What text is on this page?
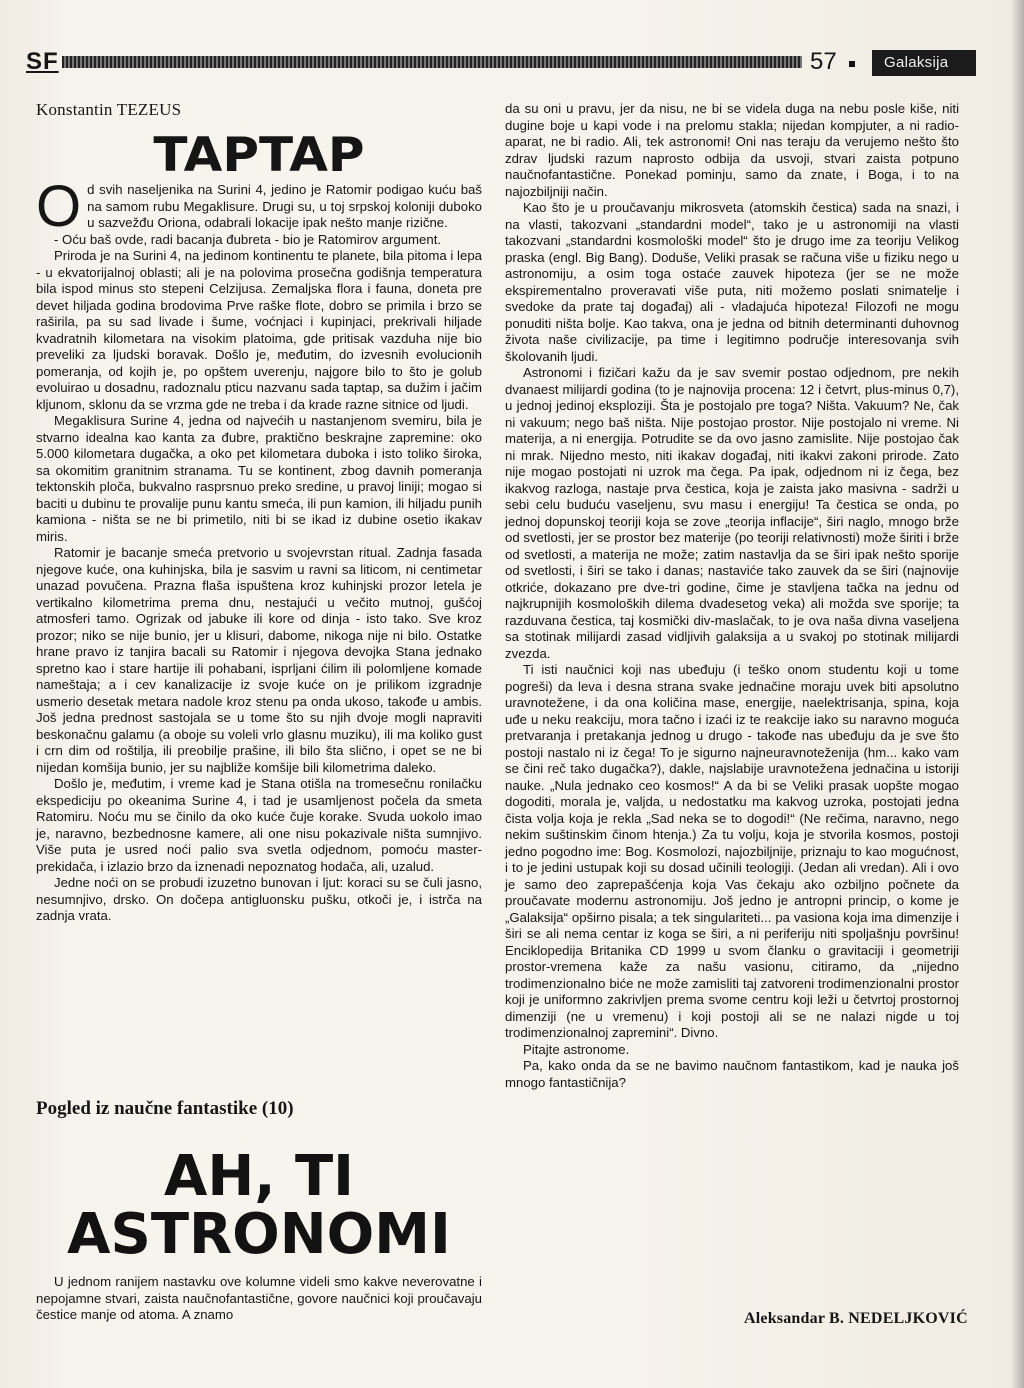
SF	57	Galaksija
Konstantin TEZEUS
TAPTAP

Od svih naseljenika na Surini 4, jedino je Ratomir podigao kuću baš na samom rubu Megaklisure. Drugi su, u toj srpskoj koloniji duboko u sazvežđu Oriona, odabrali lokacije ipak nešto manje rizične.

- Oću baš ovde, radi bacanja đubreta - bio je Ratomirov argument.

Priroda je na Surini 4, na jedinom kontinentu te planete, bila pitoma i lepa - u ekvatorijalnoj oblasti; ali je na polovima prosečna godišnja temperatura bila ispod minus sto stepeni Celzijusa. Zemaljska flora i fauna, doneta pre devet hiljada godina brodovima Prve raške flote, dobro se primila i brzo se raširila, pa su sad livade i šume, voćnjaci i kupinjaci, prekrivali hiljade kvadratnih kilometara na visokim platoima, gde pritisak vazduha nije bio preveliki za ljudski boravak. Došlo je, međutim, do izvesnih evolucionih pomeranja, od kojih je, po opštem uverenju, najgore bilo to što je golub evoluirao u dosadnu, radoznalu pticu nazvanu sada taptap, sa dužim i jačim kljunom, sklonu da se vrzma gde ne treba i da krade razne sitnice od ljudi.

Megaklisura Surine 4, jedna od najvećih u nastanjenom svemiru, bila je stvarno idealna kao kanta za đubre, praktično beskrajne zapremine: oko 5.000 kilometara dugačka, a oko pet kilometara duboka i isto toliko široka, sa okomitim granitnim stranama. Tu se kontinent, zbog davnih pomeranja tektonskih ploča, bukvalno rasprsnuo preko sredine, u pravoj liniji; mogao si baciti u dubinu te provalije punu kantu smeća, ili pun kamion, ili hiljadu punih kamiona - ništa se ne bi primetilo, niti bi se ikad iz dubine osetio ikakav miris.

Ratomir je bacanje smeća pretvorio u svojevrstan ritual. Zadnja fasada njegove kuće, ona kuhinjska, bila je sasvim u ravni sa liticom, ni centimetar unazad povučena. Prazna flaša ispuštena kroz kuhinjski prozor letela je vertikalno kilometrima prema dnu, nestajući u večito mutnoj, gušćoj atmosferi tamo. Ogrizak od jabuke ili kore od dinja - isto tako. Sve kroz prozor; niko se nije bunio, jer u klisuri, dabome, nikoga nije ni bilo. Ostatke hrane pravo iz tanjira bacali su Ratomir i njegova devojka Stana jednako spretno kao i stare hartije ili pohabani, isprljani ćilim ili polomljene komade nameštaja; a i cev kanalizacije iz svoje kuće on je prilikom izgradnje usmerio desetak metara nadole kroz stenu pa onda ukoso, takođe u ambis. Još jedna prednost sastojala se u tome što su njih dvoje mogli napraviti beskonačnu galamu (a oboje su voleli vrlo glasnu muziku), ili ma koliko gust i crn dim od roštilja, ili preobilje prašine, ili bilo šta slično, i opet se ne bi nijedan komšija bunio, jer su najbliže komšije bili kilometrima daleko.

Došlo je, međutim, i vreme kad je Stana otišla na tromesečnu ronilačku ekspediciju po okeanima Surine 4, i tad je usamljenost počela da smeta Ratomiru. Noću mu se činilo da oko kuće čuje korake. Svuda uokolo imao je, naravno, bezbednosne kamere, ali one nisu pokazivale ništa sumnjivo. Više puta je usred noći palio sva svetla odjednom, pomoću master-prekidača, i izlazio brzo da iznenadi nepoznatog hodača, ali, uzalud.

Jedne noći on se probudi izuzetno bunovan i ljut: koraci su se čuli jasno, nesumnjivo, drsko. On dočepa antigluonsku pušku, otkoči je, i istrča na zadnja vrata.

Pogled iz naučne fantastike (10)
AH, TI
ASTRONOMI

U jednom ranijem nastavku ove kolumne videli smo kakve neverovatne i nepojamne stvari, zaista naučnofantastične, govore naučnici koji proučavaju čestice manje od atoma. A znamo

da su oni u pravu, jer da nisu, ne bi se videla duga na nebu posle kiše, niti dugine boje u kapi vode i na prelomu stakla; nijedan kompjuter, a ni radio-aparat, ne bi radio. Ali, tek astronomi! Oni nas teraju da verujemo nešto što zdrav ljudski razum naprosto odbija da usvoji, stvari zaista potpuno naučnofantastične. Ponekad pominju, samo da znate, i Boga, i to na najozbiljniji način.

Kao što je u proučavanju mikrosveta (atomskih čestica) sada na snazi, i na vlasti, takozvani „standardni model“, tako je u astronomiji na vlasti takozvani „standardni kosmološki model“ što je drugo ime za teoriju Velikog praska (engl. Big Bang). Doduše, Veliki prasak se računa više u fiziku nego u astronomiju, a osim toga ostaće zauvek hipoteza (jer se ne može ekspirementalno proveravati više puta, niti možemo poslati snimatelje i svedoke da prate taj događaj) ali - vladajuća hipoteza! Filozofi ne mogu ponuditi ništa bolje. Kao takva, ona je jedna od bitnih determinanti duhovnog života naše civilizacije, pa time i legitimno područje interesovanja svih školovanih ljudi.

Astronomi i fizičari kažu da je sav svemir postao odjednom, pre nekih dvanaest milijardi godina (to je najnovija procena: 12 i četvrt, plus-minus 0,7), u jednoj jedinoj eksploziji. Šta je postojalo pre toga? Ništa. Vakuum? Ne, čak ni vakuum; nego baš ništa. Nije postojao prostor. Nije postojalo ni vreme. Ni materija, a ni energija. Potrudite se da ovo jasno zamislite. Nije postojao čak ni mrak. Nijedno mesto, niti ikakav događaj, niti ikakvi zakoni prirode. Zato nije mogao postojati ni uzrok ma čega. Pa ipak, odjednom ni iz čega, bez ikakvog razloga, nastaje prva čestica, koja je zaista jako masivna - sadrži u sebi celu buduću vaseljenu, svu masu i energiju! Ta čestica se onda, po jednoj dopunskoj teoriji koja se zove „teorija inflacije“, širi naglo, mnogo brže od svetlosti, jer se prostor bez materije (po teoriji relativnosti) može širiti i brže od svetlosti, a materija ne može; zatim nastavlja da se širi ipak nešto sporije od svetlosti, i širi se tako i danas; nastaviće tako zauvek da se širi (najnovije otkriće, dokazano pre dve-tri godine, čime je stavljena tačka na jednu od najkrupnijih kosmoloških dilema dvadesetog veka) ali možda sve sporije; ta razduvana čestica, taj kosmički div-maslačak, to je ova naša divna vaseljena sa stotinak milijardi zasad vidljivih galaksija a u svakoj po stotinak milijardi zvezda.

Ti isti naučnici koji nas ubeđuju (i teško onom studentu koji u tome pogreši) da leva i desna strana svake jednačine moraju uvek biti apsolutno uravnotežene, i da ona količina mase, energije, naelektrisanja, spina, koja uđe u neku reakciju, mora tačno i izaći iz te reakcije iako su naravno moguća pretvaranja i pretakanja jednog u drugo - takođe nas ubeđuju da je sve što postoji nastalo ni iz čega! To je sigurno najneuravnoteženija (hm... kako vam se čini reč tako dugačka?), dakle, najslabije uravnotežena jednačina u istoriji nauke. „Nula jednako ceo kosmos!“ A da bi se Veliki prasak uopšte mogao dogoditi, morala je, valjda, u nedostatku ma kakvog uzroka, postojati jedna čista volja koja je rekla „Sad neka se to dogodi!“ (Ne rečima, naravno, nego nekim suštinskim činom htenja.) Za tu volju, koja je stvorila kosmos, postoji jedno pogodno ime: Bog. Kosmolozi, najozbiljnije, priznaju to kao mogućnost, i to je jedini ustupak koji su dosad učinili teologiji. (Jedan ali vredan). Ali i ovo je samo deo zaprepašćenja koja Vas čekaju ako ozbiljno počnete da proučavate modernu astronomiju. Još jedno je antropni princip, o kome je „Galaksija“ opširno pisala; a tek singulariteti... pa vasiona koja ima dimenzije i širi se ali nema centar iz koga se širi, a ni periferiju niti spoljašnju površinu! Enciklopedija Britanika CD 1999 u svom članku o gravitaciji i geometriji prostor-vremena kaže za našu vasionu, citiramo, da „nijedno trodimenzionalno biće ne može zamisliti taj zatvoreni trodimenzionalni prostor koji je uniformno zakrivljen prema svome centru koji leži u četvrtoj prostornoj dimenziji (ne u vremenu) i koji postoji ali se ne nalazi nigde u toj trodimenzionalnoj zapremini“. Divno.

Pitajte astronome.

Pa, kako onda da se ne bavimo naučnom fantastikom, kad je nauka još mnogo fantastičnija?

Aleksandar B. NEDELJKOVIĆ
